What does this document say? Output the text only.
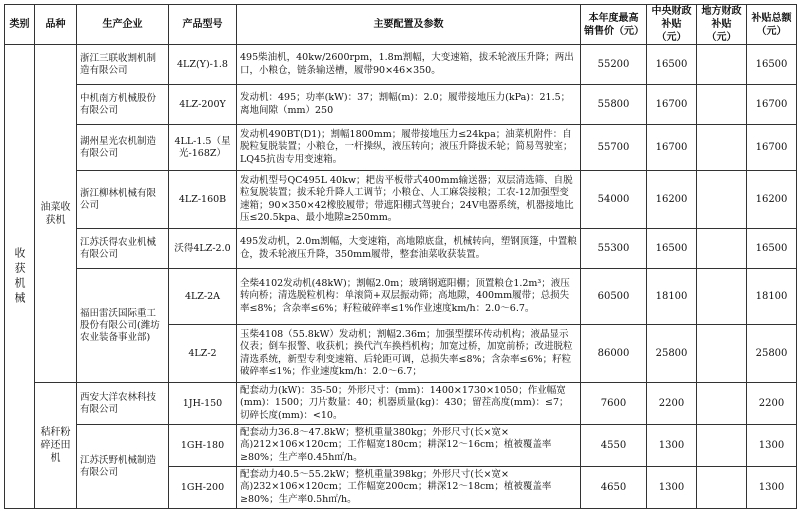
类别	品种	生产企业	产品型号	主要配置及参数	本年度最高销售价（元）	中央财政补贴（元）	地方财政补贴（元）	补贴总额（元）
收获机械	油菜收获机	浙江三联收割机制造有限公司	4LZ(Y)-1.8	495柴油机，40kw/2600rpm，1.8m割幅，大变速箱，拔禾轮液压升降；两出口，小粮仓，链条输送槽，履带90×46×350。	55200	16500		16500
		中机南方机械股份有限公司	4LZ-200Y	发动机：495；功率(kW)：37；割幅(m)：2.0；履带接地压力(kPa)：21.5；离地间隙（mm）250	55800	16700		16700
		湖州星光农机制造有限公司	4LL-1.5（星光-168Z）	发动机490BT(D1)；割幅1800mm；履带接地压力≤24kpa；油菜机附件：自脱粒复脱装置；小粮仓，一杆操纵，液压转向；液压升降拔禾轮；简易驾驶室；LQ45抗齿专用变速箱。	55700	16700		16700
		浙江柳林机械有限公司	4LZ-160B	发动机型号QC495L 40kw；耙齿平板带式400mm输送器；双层清选筛、自脱粒复脱装置；拔禾轮升降人工调节；小粮仓、人工麻袋接粮；工农-12加强型变速箱；90×350×42橡胶履带；带遮阳棚式驾驶台；24V电器系统，机器接地比压≤20.5kpa、最小地隙≥250mm。	54000	16200		16200
		江苏沃得农业机械有限公司	沃得4LZ-2.0	495发动机，2.0m割幅，大变速箱，高地隙底盘，机械转向，塑钢顶篷，中置粮仓，拨禾轮液压升降，350mm履带，整套油菜收获装置。	55300	16500		16500
		福田雷沃国际重工股份有限公司(潍坊农业装备事业部)	4LZ-2A	全柴4102发动机(48kW)；割幅2.0m；玻璃钢遮阳棚；顶置粮仓1.2m³；液压转向桥；清选脱粒机构：单滚筒+双层振动筛；高地隙，400mm履带；总损失率≤8%；含杂率≤6%；籽粒破碎率≤1%作业速度km/h：2.0～6.7。	60500	18100		18100
			4LZ-2	玉柴4108（55.8kW）发动机；割幅2.36m；加强型摆环传动机构；液晶显示仪表；倒车报警、收获机；换代汽车换档机构；加宽过桥，加宽前桥；改进脱粒清选系统，新型专利变速箱、后轮距可调，总损失率≤8%；含杂率≤6%；籽粒破碎率≤1%；作业速度km/h：2.0～6.7；	86000	25800		25800
	秸秆粉碎还田机	西安大洋农林科技有限公司	1JH-150	配套动力(kW)：35-50；外形尺寸：(mm)：1400×1730×1050；作业幅宽(mm)：1500；刀片数量：40；机器质量(kg)：430；留茬高度(mm)：≤7；切碎长度(mm)：<10。	7600	2200		2200
		江苏沃野机械制造有限公司	1GH-180	配套动力36.8～47.8kW；整机重量380kg；外形尺寸(长×宽×高)212×106×120cm；工作幅宽180cm；耕深12～16cm；植被覆盖率≥80%；生产率0.45h㎡/h。	4550	1300		1300
			1GH-200	配套动力40.5～55.2kW；整机重量398kg；外形尺寸(长×宽×高)232×106×120cm；工作幅宽200cm；耕深12～18cm；植被覆盖率≥80%；生产率0.5h㎡/h。	4650	1300		1300
